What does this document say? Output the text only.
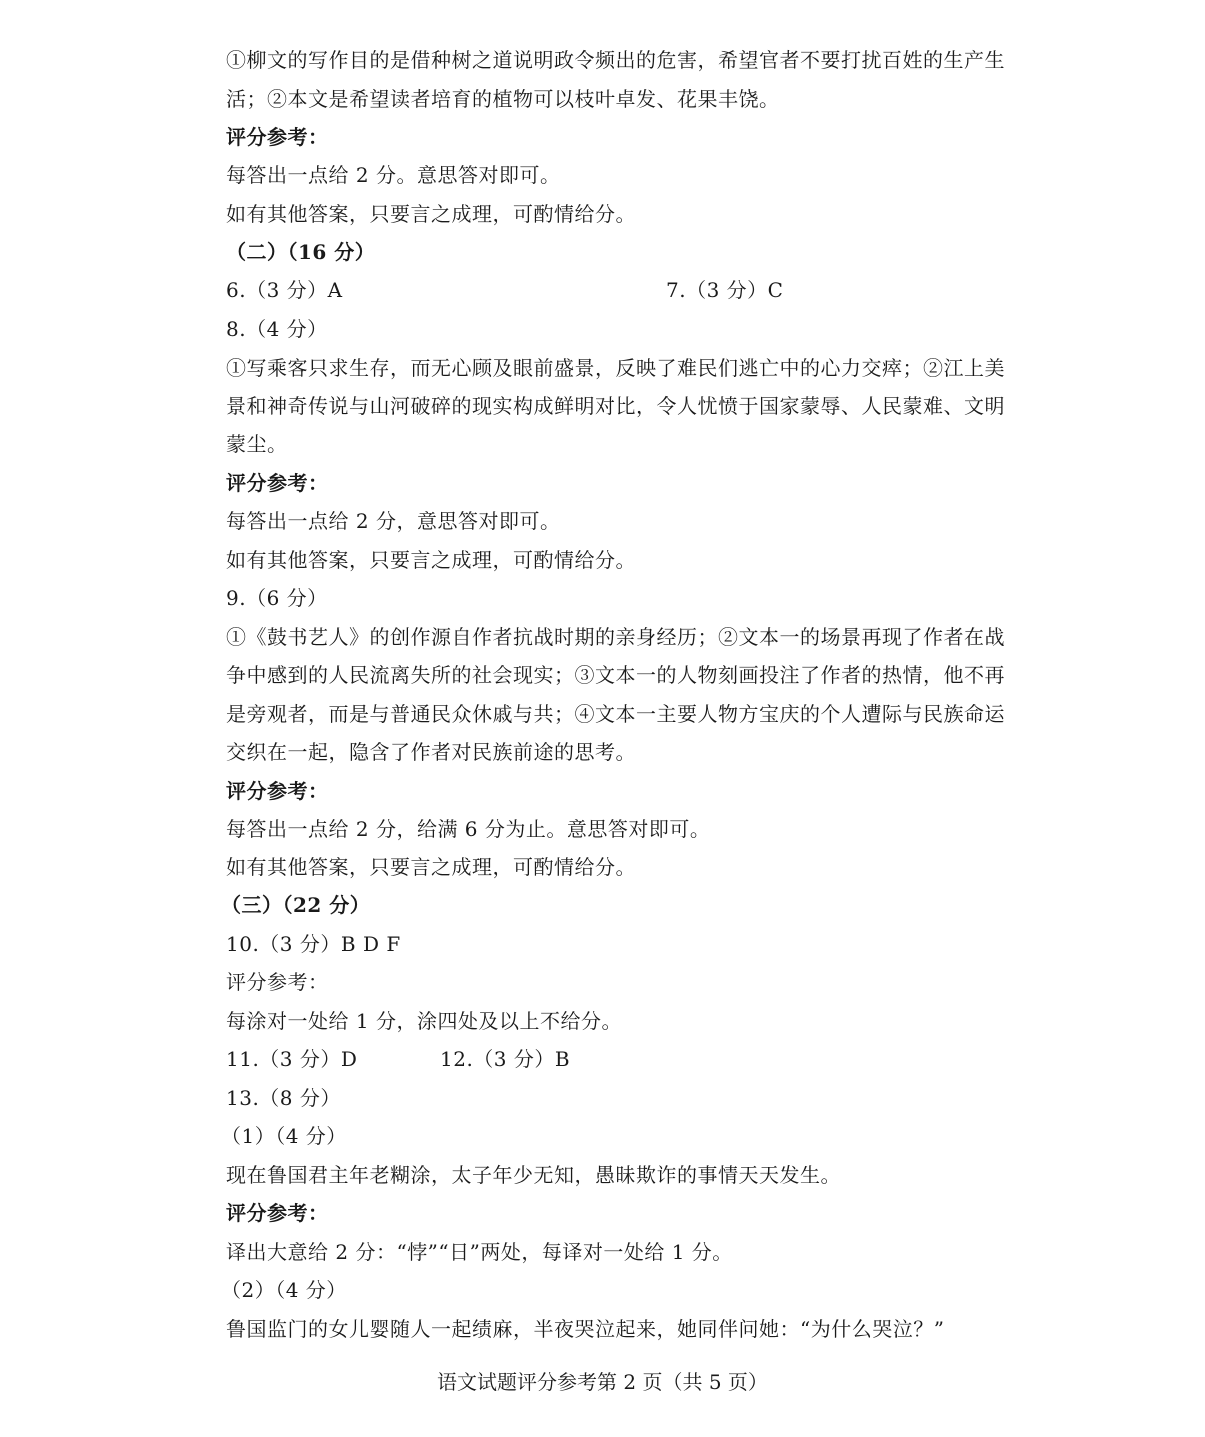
①柳文的写作目的是借种树之道说明政令频出的危害，希望官者不要打扰百姓的生产生
活；②本文是希望读者培育的植物可以枝叶卓发、花果丰饶。
评分参考：
每答出一点给 2 分。意思答对即可。
如有其他答案，只要言之成理，可酌情给分。
（二）（16 分）
6.（3 分）A	7.（3 分）C
8.（4 分）
①写乘客只求生存，而无心顾及眼前盛景，反映了难民们逃亡中的心力交瘁；②江上美
景和神奇传说与山河破碎的现实构成鲜明对比，令人忧愤于国家蒙辱、人民蒙难、文明
蒙尘。
评分参考：
每答出一点给 2 分，意思答对即可。
如有其他答案，只要言之成理，可酌情给分。
9.（6 分）
①《鼓书艺人》的创作源自作者抗战时期的亲身经历；②文本一的场景再现了作者在战
争中感到的人民流离失所的社会现实；③文本一的人物刻画投注了作者的热情，他不再
是旁观者，而是与普通民众休戚与共；④文本一主要人物方宝庆的个人遭际与民族命运
交织在一起，隐含了作者对民族前途的思考。
评分参考：
每答出一点给 2 分，给满 6 分为止。意思答对即可。
如有其他答案，只要言之成理，可酌情给分。
（三）（22 分）
10.（3 分）B D F
评分参考：
每涂对一处给 1 分，涂四处及以上不给分。
11.（3 分）D	12.（3 分）B
13.（8 分）
（1）（4 分）
现在鲁国君主年老糊涂，太子年少无知，愚昧欺诈的事情天天发生。
评分参考：
译出大意给 2 分：“悖”“日”两处，每译对一处给 1 分。
（2）（4 分）
鲁国监门的女儿婴随人一起绩麻，半夜哭泣起来，她同伴问她：“为什么哭泣？”
语文试题评分参考第 2 页（共 5 页）
